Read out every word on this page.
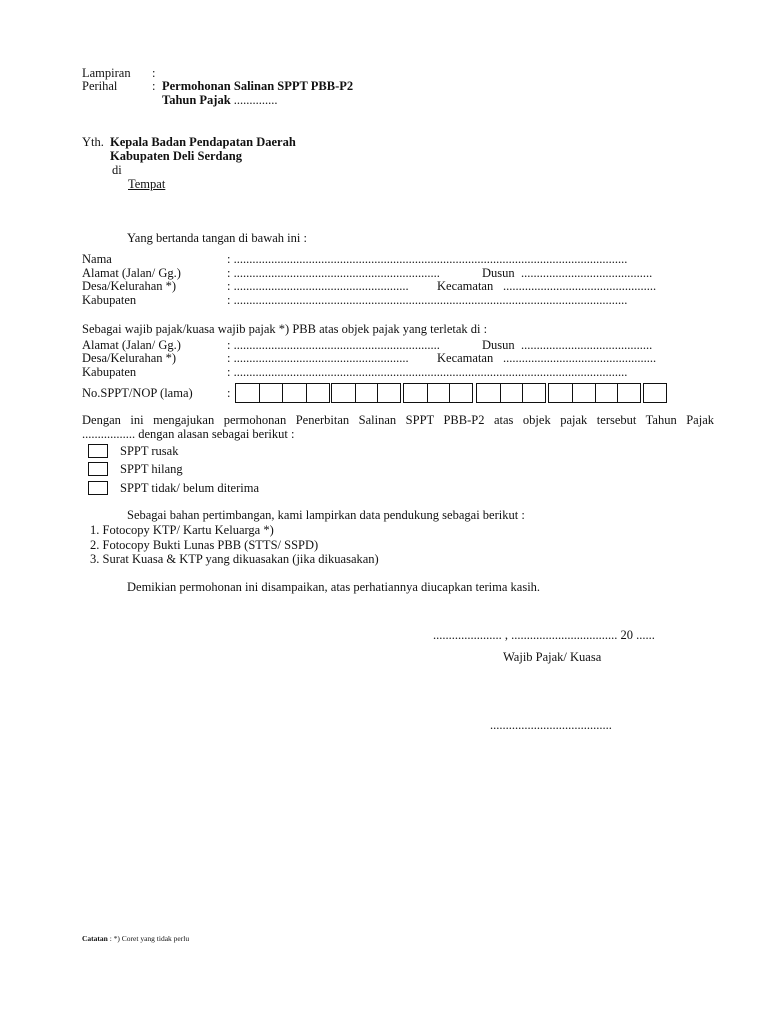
Lampiran :
Perihal	: Permohonan Salinan SPPT PBB-P2
Tahun Pajak ..............
Yth. Kepala Badan Pendapatan Daerah
Kabupaten Deli Serdang
di
Tempat
Yang bertanda tangan di bawah ini :
Nama	: ..............................................................................................................................
Alamat (Jalan/ Gg.)	: ..................................................................	Dusun ..........................................
Desa/Kelurahan *)	: ........................................................ Kecamatan .................................................
Kabupaten	: ..............................................................................................................................
Sebagai wajib pajak/kuasa wajib pajak *) PBB atas objek pajak yang terletak di :
Alamat (Jalan/ Gg.)	: ..................................................................	Dusun ..........................................
Desa/Kelurahan *)	: ........................................................ Kecamatan .................................................
Kabupaten	: ..............................................................................................................................
No.SPPT/NOP (lama)	:
Dengan ini mengajukan permohonan Penerbitan Salinan SPPT PBB-P2 atas objek pajak tersebut Tahun Pajak
................. dengan alasan sebagai berikut :
SPPT rusak
SPPT hilang
SPPT tidak/ belum diterima
Sebagai bahan pertimbangan, kami lampirkan data pendukung sebagai berikut :
1. Fotocopy KTP/ Kartu Keluarga *)
2. Fotocopy Bukti Lunas PBB (STTS/ SSPD)
3. Surat Kuasa & KTP yang dikuasakan (jika dikuasakan)
Demikian permohonan ini disampaikan, atas perhatiannya diucapkan terima kasih.
...................... , .................................. 20 ......
Wajib Pajak/ Kuasa
.......................................
Catatan : *) Coret yang tidak perlu
